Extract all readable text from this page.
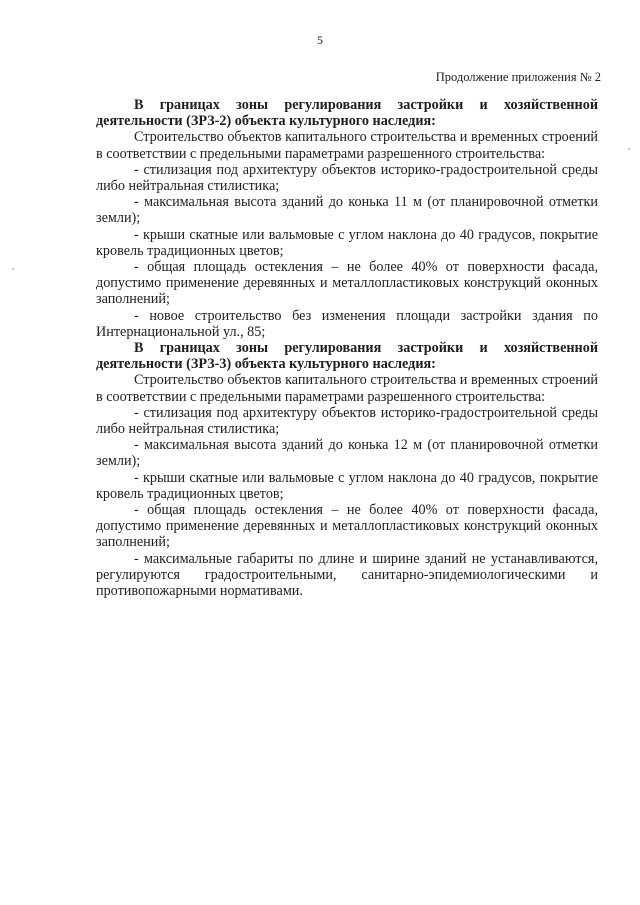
5
Продолжение приложения № 2

В границах зоны регулирования застройки и хозяйственной деятельности (ЗРЗ-2) объекта культурного наследия:

Строительство объектов капитального строительства и временных строений в соответствии с предельными параметрами разрешенного строительства:

- стилизация под архитектуру объектов историко-градостроительной среды либо нейтральная стилистика;

- максимальная высота зданий до конька 11 м (от планировочной отметки земли);

- крыши скатные или вальмовые с углом наклона до 40 градусов, покрытие кровель традиционных цветов;

- общая площадь остекления – не более 40% от поверхности фасада, допустимо применение деревянных и металлопластиковых конструкций оконных заполнений;

- новое строительство без изменения площади застройки здания по Интернациональной ул., 85;

В границах зоны регулирования застройки и хозяйственной деятельности (ЗРЗ-3) объекта культурного наследия:

Строительство объектов капитального строительства и временных строений в соответствии с предельными параметрами разрешенного строительства:

- стилизация под архитектуру объектов историко-градостроительной среды либо нейтральная стилистика;

- максимальная высота зданий до конька 12 м (от планировочной отметки земли);

- крыши скатные или вальмовые с углом наклона до 40 градусов, покрытие кровель традиционных цветов;

- общая площадь остекления – не более 40% от поверхности фасада, допустимо применение деревянных и металлопластиковых конструкций оконных заполнений;

- максимальные габариты по длине и ширине зданий не устанавливаются, регулируются градостроительными, санитарно-эпидемиологическими и противопожарными нормативами.
